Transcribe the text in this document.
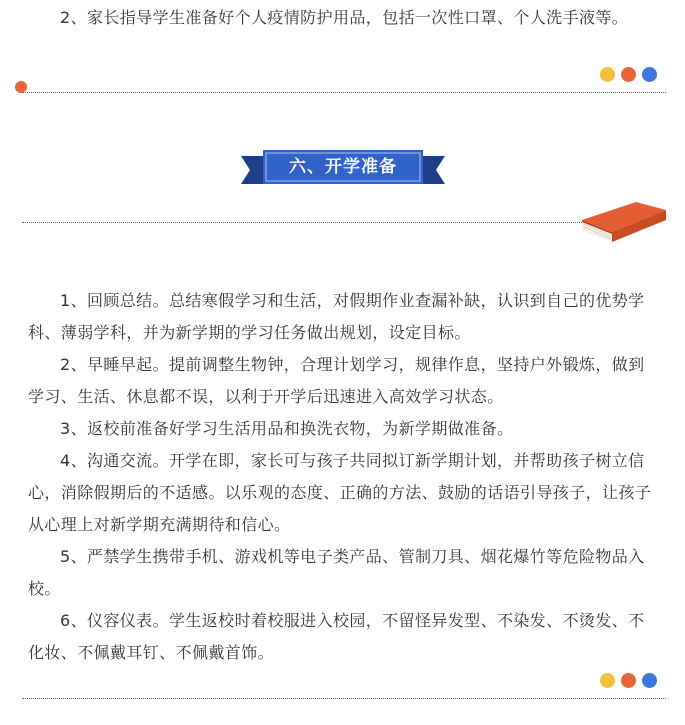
2、家长指导学生准备好个人疫情防护用品，包括一次性口罩、个人洗手液等。

六、开学准备

1、回顾总结。总结寒假学习和生活，对假期作业查漏补缺，认识到自己的优势学科、薄弱学科，并为新学期的学习任务做出规划，设定目标。

2、早睡早起。提前调整生物钟，合理计划学习，规律作息，坚持户外锻炼，做到学习、生活、休息都不误，以利于开学后迅速进入高效学习状态。

3、返校前准备好学习生活用品和换洗衣物，为新学期做准备。

4、沟通交流。开学在即，家长可与孩子共同拟订新学期计划，并帮助孩子树立信心，消除假期后的不适感。以乐观的态度、正确的方法、鼓励的话语引导孩子，让孩子从心理上对新学期充满期待和信心。

5、严禁学生携带手机、游戏机等电子类产品、管制刀具、烟花爆竹等危险物品入校。

6、仪容仪表。学生返校时着校服进入校园，不留怪异发型、不染发、不烫发、不化妆、不佩戴耳钉、不佩戴首饰。
